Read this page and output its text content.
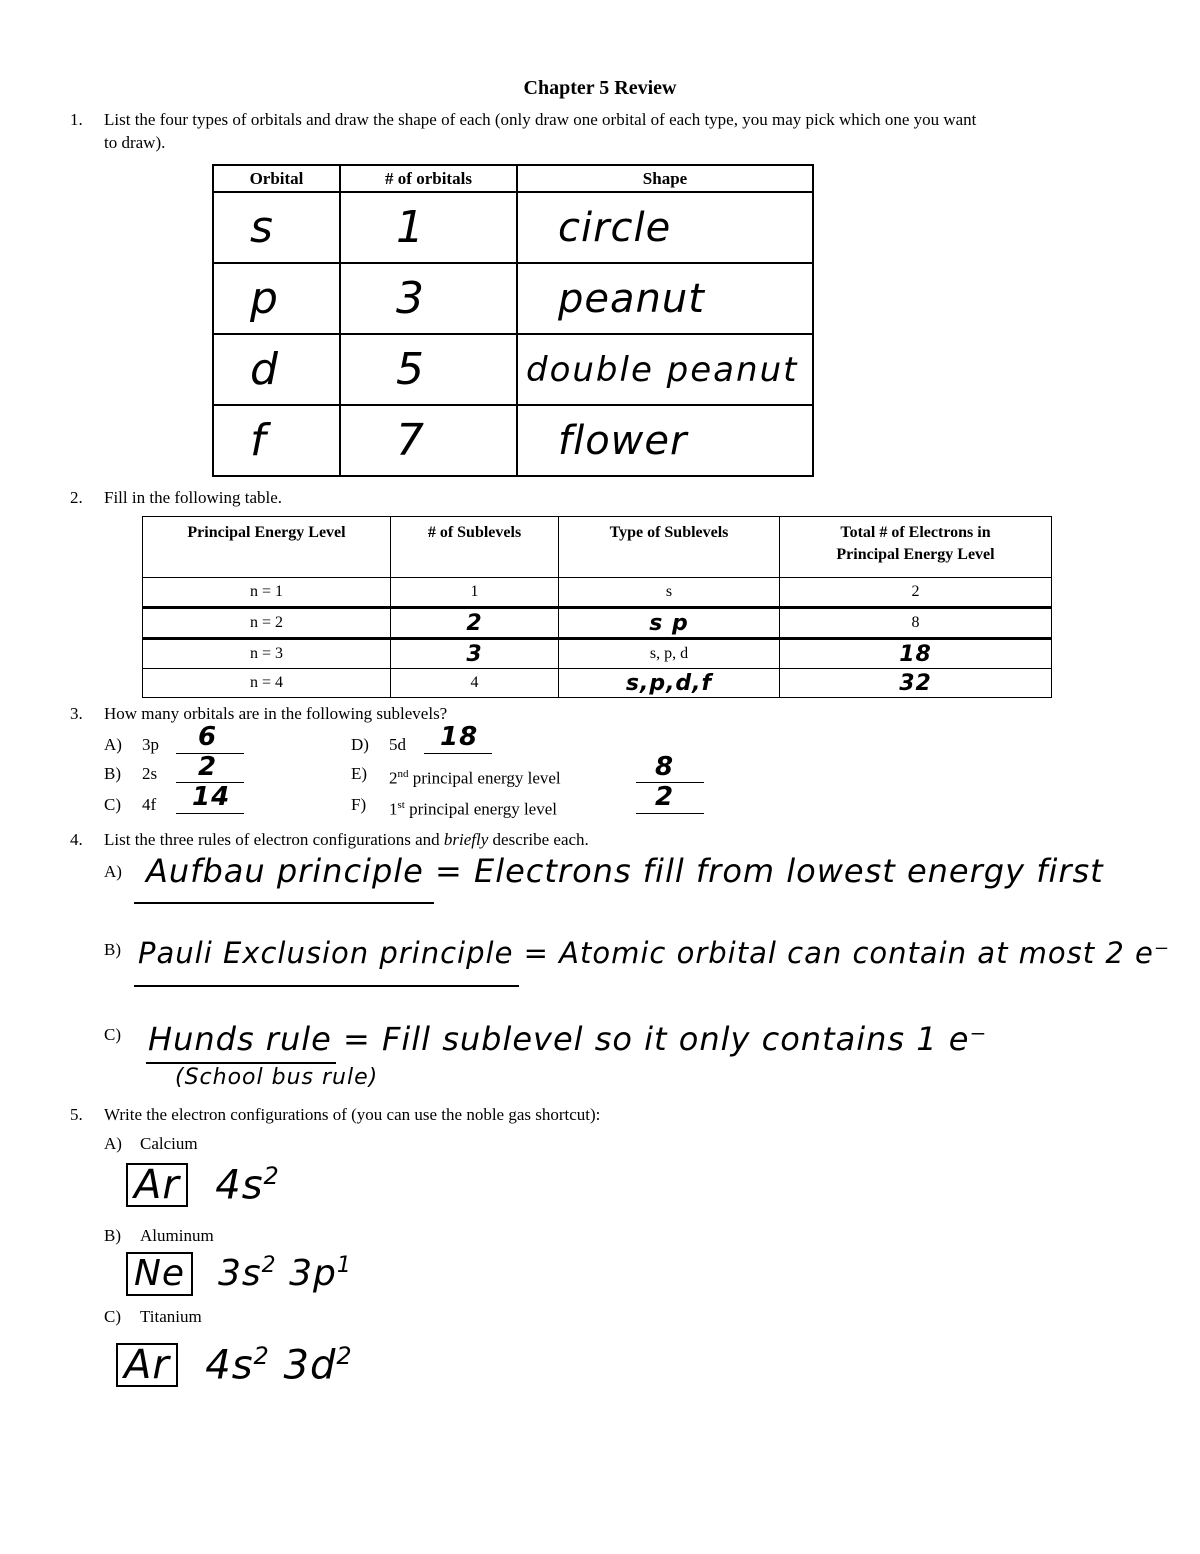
Chapter 5 Review
1. List the four types of orbitals and draw the shape of each (only draw one orbital of each type, you may pick which one you want
to draw).
Orbital	# of orbitals	Shape
s	1	circle
p	3	peanut
d	5	double peanut
f	7	flower
2. Fill in the following table.
Principal Energy Level	# of Sublevels	Type of Sublevels	Total # of Electrons in
Principal Energy Level

n = 1	1	s	2
n = 2	2	s p	8
n = 3	3	s, p, d	18
n = 4	4	s,p,d,f	32
3. How many orbitals are in the following sublevels?
A) 3p 6
B) 2s 2
C) 4f 14
D) 5d 18
E) 2nd principal energy level	8
F) 1st principal energy level	2
4. List the three rules of electron configurations and briefly describe each.
A) Aufbau principle = Electrons fill from lowest energy first
B) Pauli Exclusion principle = Atomic orbital can contain at most 2 e⁻
C) Hunds rule = Fill sublevel so it only contains 1 e⁻
(School bus rule)
5. Write the electron configurations of (you can use the noble gas shortcut):
A) Calcium
Ar $4s^2$
B) Aluminum
Ne $3s^2$ $3p^1$
C) Titanium
Ar $4s^2$ $3d^2$
